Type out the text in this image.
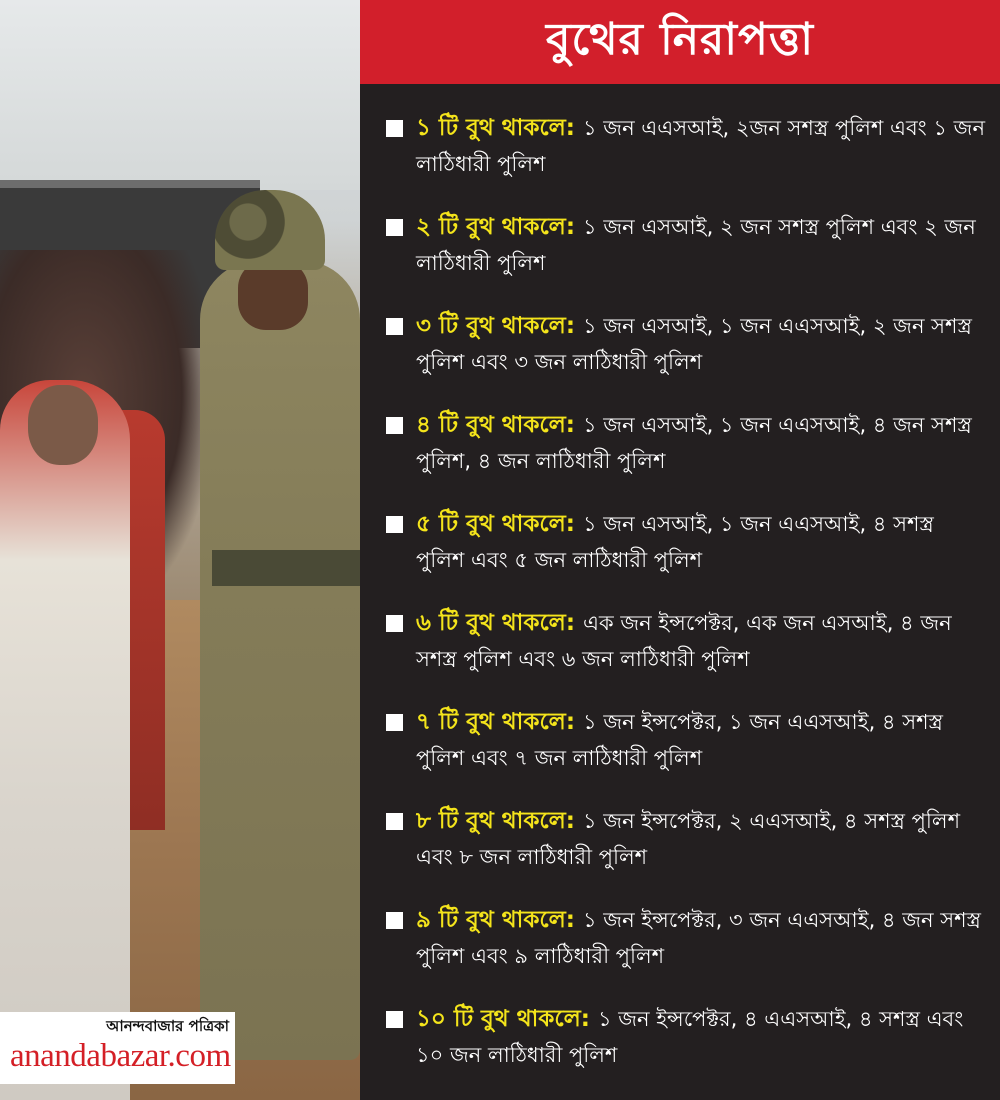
আনন্দবাজার পত্রিকা
anandabazar.com
বুথের নিরাপত্তা
১ টি বুথ থাকলে: ১ জন এএসআই, ২জন সশস্ত্র পুলিশ এবং ১ জন লাঠিধারী পুলিশ
২ টি বুথ থাকলে: ১ জন এসআই, ২ জন সশস্ত্র পুলিশ এবং ২ জন লাঠিধারী পুলিশ
৩ টি বুথ থাকলে: ১ জন এসআই, ১ জন এএসআই, ২ জন সশস্ত্র পুলিশ এবং ৩ জন লাঠিধারী পুলিশ
৪ টি বুথ থাকলে: ১ জন এসআই, ১ জন এএসআই, ৪ জন সশস্ত্র পুলিশ, ৪ জন লাঠিধারী পুলিশ
৫ টি বুথ থাকলে: ১ জন এসআই, ১ জন এএসআই, ৪ সশস্ত্র পুলিশ এবং ৫ জন লাঠিধারী পুলিশ
৬ টি বুথ থাকলে: এক জন ইন্সপেক্টর, এক জন এসআই, ৪ জন সশস্ত্র পুলিশ এবং ৬ জন লাঠিধারী পুলিশ
৭ টি বুথ থাকলে: ১ জন ইন্সপেক্টর, ১ জন এএসআই, ৪ সশস্ত্র পুলিশ এবং ৭ জন লাঠিধারী পুলিশ
৮ টি বুথ থাকলে: ১ জন ইন্সপেক্টর, ২ এএসআই, ৪ সশস্ত্র পুলিশ এবং ৮ জন লাঠিধারী পুলিশ
৯ টি বুথ থাকলে: ১ জন ইন্সপেক্টর, ৩ জন এএসআই, ৪ জন সশস্ত্র পুলিশ এবং ৯ লাঠিধারী পুলিশ
১০ টি বুথ থাকলে: ১ জন ইন্সপেক্টর, ৪ এএসআই, ৪ সশস্ত্র এবং ১০ জন লাঠিধারী পুলিশ
